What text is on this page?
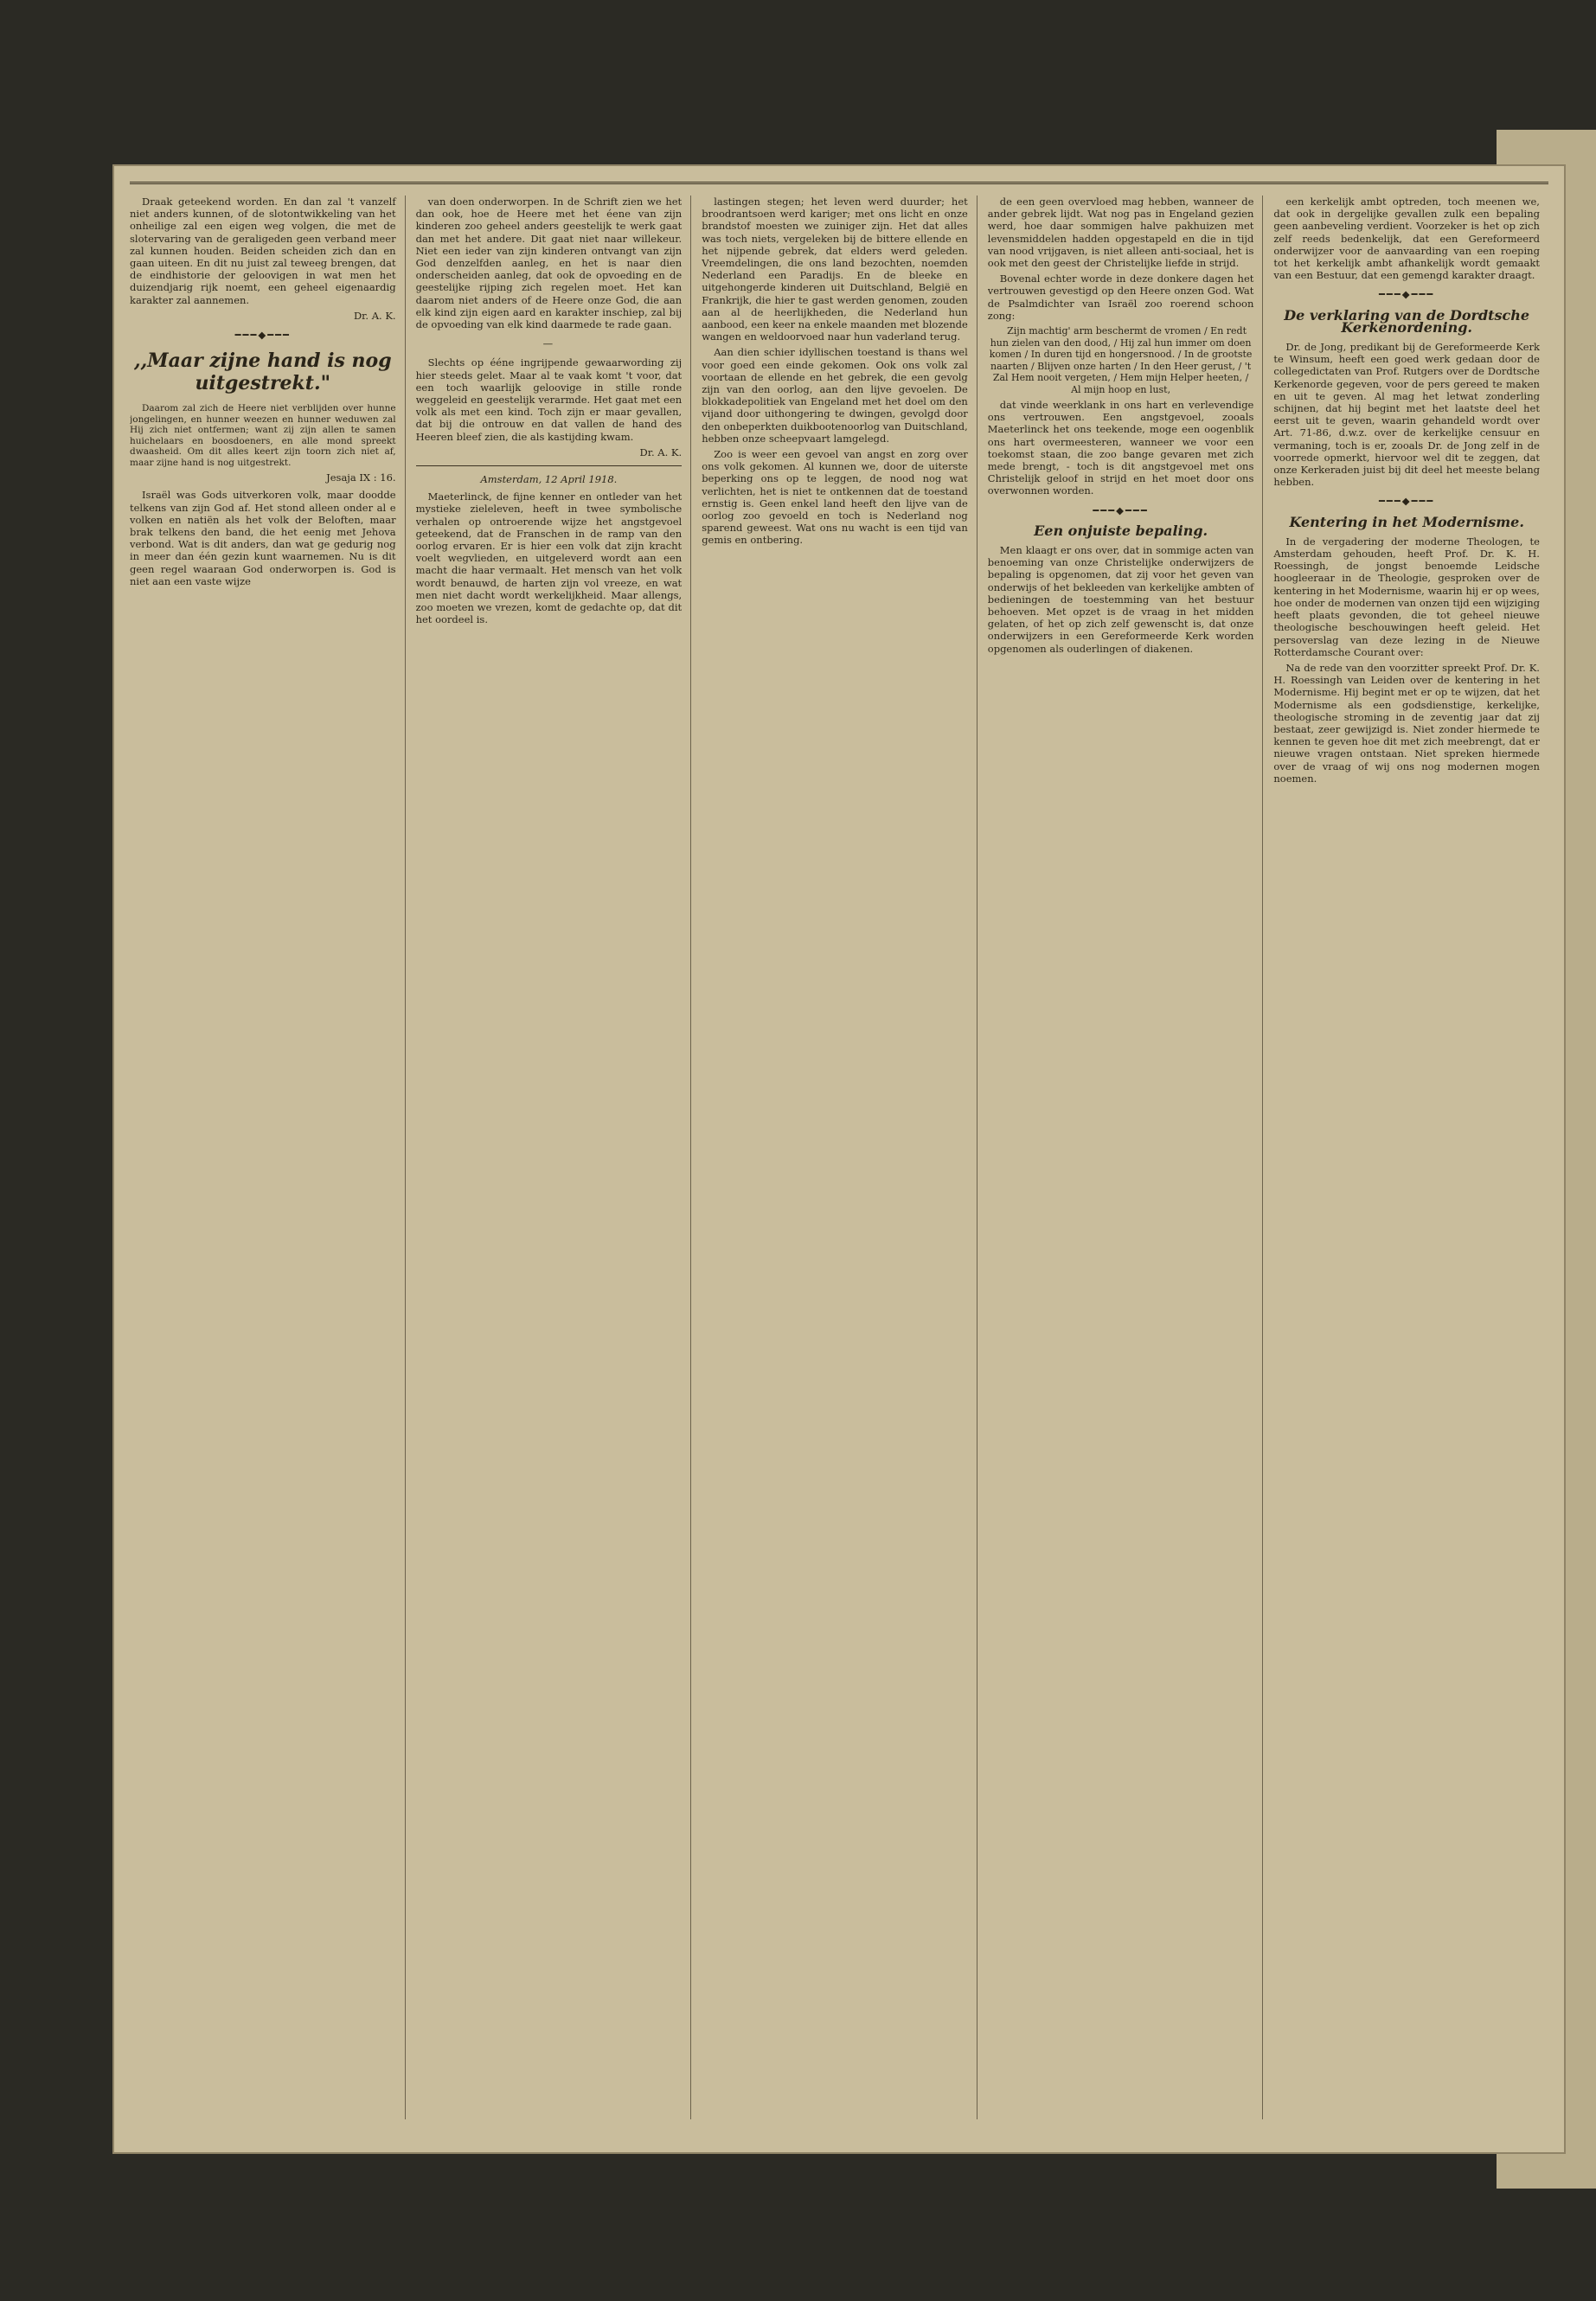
Draak geteekend worden. En dan zal 't vanzelf niet anders kunnen, of de slotontwikkeling van het onheilige zal een eigen weg volgen, die met de slotervaring van de geraligeden geen verband meer zal kunnen houden. Beiden scheiden zich dan en gaan uiteen. En dit nu juist zal teweeg brengen, dat de eindhistorie der geloovigen in wat men het duizendjarig rijk noemt, een geheel eigenaardig karakter zal aannemen.

Dr. A. K.
━━━◆━━━
,,Maar zijne hand is nog uitgestrekt."

Daarom zal zich de Heere niet verblijden over hunne jongelingen, en hunner weezen en hunner weduwen zal Hij zich niet ontfermen; want zij zijn allen te samen huichelaars en boosdoeners, en alle mond spreekt dwaasheid. Om dit alles keert zijn toorn zich niet af, maar zijne hand is nog uitgestrekt.

Jesaja IX : 16.

Israël was Gods uitverkoren volk, maar doodde telkens van zijn God af. Het stond alleen onder al e volken en natiën als het volk der Beloften, maar brak telkens den band, die het eenig met Jehova verbond. Wat is dit anders, dan wat ge gedurig nog in meer dan één gezin kunt waarnemen. Nu is dit geen regel waaraan God onderworpen is. God is niet aan een vaste wijze

van doen onderworpen. In de Schrift zien we het dan ook, hoe de Heere met het éene van zijn kinderen zoo geheel anders geestelijk te werk gaat dan met het andere. Dit gaat niet naar willekeur. Niet een ieder van zijn kinderen ontvangt van zijn God denzelfden aanleg, en het is naar dien onderscheiden aanleg, dat ook de opvoeding en de geestelijke rijping zich regelen moet. Het kan daarom niet anders of de Heere onze God, die aan elk kind zijn eigen aard en karakter inschiep, zal bij de opvoeding van elk kind daarmede te rade gaan.

—

Slechts op ééne ingrijpende gewaarwording zij hier steeds gelet. Maar al te vaak komt 't voor, dat een toch waarlijk geloovige in stille ronde weggeleid en geestelijk verarmde. Het gaat met een volk als met een kind. Toch zijn er maar gevallen, dat bij die ontrouw en dat vallen de hand des Heeren bleef zien, die als kastijding kwam.

Dr. A. K.
Amsterdam, 12 April 1918.

Maeterlinck, de fijne kenner en ontleder van het mystieke zieleleven, heeft in twee symbolische verhalen op ontroerende wijze het angstgevoel geteekend, dat de Franschen in de ramp van den oorlog ervaren. Er is hier een volk dat zijn kracht voelt wegvlieden, en uitgeleverd wordt aan een macht die haar vermaalt. Het mensch van het volk wordt benauwd, de harten zijn vol vreeze, en wat men niet dacht wordt werkelijkheid. Maar allengs, zoo moeten we vrezen, komt de gedachte op, dat dit het oordeel is.

lastingen stegen; het leven werd duurder; het broodrantsoen werd kariger; met ons licht en onze brandstof moesten we zuiniger zijn. Het dat alles was toch niets, vergeleken bij de bittere ellende en het nijpende gebrek, dat elders werd geleden. Vreemdelingen, die ons land bezochten, noemden Nederland een Paradijs. En de bleeke en uitgehongerde kinderen uit Duitschland, België en Frankrijk, die hier te gast werden genomen, zouden aan al de heerlijkheden, die Nederland hun aanbood, een keer na enkele maanden met blozende wangen en weldoorvoed naar hun vaderland terug.

Aan dien schier idyllischen toestand is thans wel voor goed een einde gekomen. Ook ons volk zal voortaan de ellende en het gebrek, die een gevolg zijn van den oorlog, aan den lijve gevoelen. De blokkadepolitiek van Engeland met het doel om den vijand door uithongering te dwingen, gevolgd door den onbeperkten duikbootenoorlog van Duitschland, hebben onze scheepvaart lamgelegd.

Zoo is weer een gevoel van angst en zorg over ons volk gekomen. Al kunnen we, door de uiterste beperking ons op te leggen, de nood nog wat verlichten, het is niet te ontkennen dat de toestand ernstig is. Geen enkel land heeft den lijve van de oorlog zoo gevoeld en toch is Nederland nog sparend geweest. Wat ons nu wacht is een tijd van gemis en ontbering.

de een geen overvloed mag hebben, wanneer de ander gebrek lijdt. Wat nog pas in Engeland gezien werd, hoe daar sommigen halve pakhuizen met levensmiddelen hadden opgestapeld en die in tijd van nood vrijgaven, is niet alleen anti-sociaal, het is ook met den geest der Christelijke liefde in strijd.

Bovenal echter worde in deze donkere dagen het vertrouwen gevestigd op den Heere onzen God. Wat de Psalmdichter van Israël zoo roerend schoon zong:

Zijn machtig' arm beschermt de vromen / En redt hun zielen van den dood, / Hij zal hun immer om doen komen / In duren tijd en hongersnood. / In de grootste naarten / Blijven onze harten / In den Heer gerust, / 't Zal Hem nooit vergeten, / Hem mijn Helper heeten, / Al mijn hoop en lust,

dat vinde weerklank in ons hart en verlevendige ons vertrouwen. Een angstgevoel, zooals Maeterlinck het ons teekende, moge een oogenblik ons hart overmeesteren, wanneer we voor een toekomst staan, die zoo bange gevaren met zich mede brengt, - toch is dit angstgevoel met ons Christelijk geloof in strijd en het moet door ons overwonnen worden.

━━━◆━━━
Een onjuiste bepaling.

Men klaagt er ons over, dat in sommige acten van benoeming van onze Christelijke onderwijzers de bepaling is opgenomen, dat zij voor het geven van onderwijs of het bekleeden van kerkelijke ambten of bedieningen de toestemming van het bestuur behoeven. Met opzet is de vraag in het midden gelaten, of het op zich zelf gewenscht is, dat onze onderwijzers in een Gereformeerde Kerk worden opgenomen als ouderlingen of diakenen.

een kerkelijk ambt optreden, toch meenen we, dat ook in dergelijke gevallen zulk een bepaling geen aanbeveling verdient. Voorzeker is het op zich zelf reeds bedenkelijk, dat een Gereformeerd onderwijzer voor de aanvaarding van een roeping tot het kerkelijk ambt afhankelijk wordt gemaakt van een Bestuur, dat een gemengd karakter draagt.

━━━◆━━━
De verklaring van de Dordtsche Kerkenordening.

Dr. de Jong, predikant bij de Gereformeerde Kerk te Winsum, heeft een goed werk gedaan door de collegedictaten van Prof. Rutgers over de Dordtsche Kerkenorde gegeven, voor de pers gereed te maken en uit te geven. Al mag het letwat zonderling schijnen, dat hij begint met het laatste deel het eerst uit te geven, waarin gehandeld wordt over Art. 71-86, d.w.z. over de kerkelijke censuur en vermaning, toch is er, zooals Dr. de Jong zelf in de voorrede opmerkt, hiervoor wel dit te zeggen, dat onze Kerkeraden juist bij dit deel het meeste belang hebben.

━━━◆━━━
Kentering in het Modernisme.

In de vergadering der moderne Theologen, te Amsterdam gehouden, heeft Prof. Dr. K. H. Roessingh, de jongst benoemde Leidsche hoogleeraar in de Theologie, gesproken over de kentering in het Modernisme, waarin hij er op wees, hoe onder de modernen van onzen tijd een wijziging heeft plaats gevonden, die tot geheel nieuwe theologische beschouwingen heeft geleid. Het persoverslag van deze lezing in de Nieuwe Rotterdamsche Courant over:

Na de rede van den voorzitter spreekt Prof. Dr. K. H. Roessingh van Leiden over de kentering in het Modernisme. Hij begint met er op te wijzen, dat het Modernisme als een godsdienstige, kerkelijke, theologische stroming in de zeventig jaar dat zij bestaat, zeer gewijzigd is. Niet zonder hiermede te kennen te geven hoe dit met zich meebrengt, dat er nieuwe vragen ontstaan. Niet spreken hiermede over de vraag of wij ons nog modernen mogen noemen.
